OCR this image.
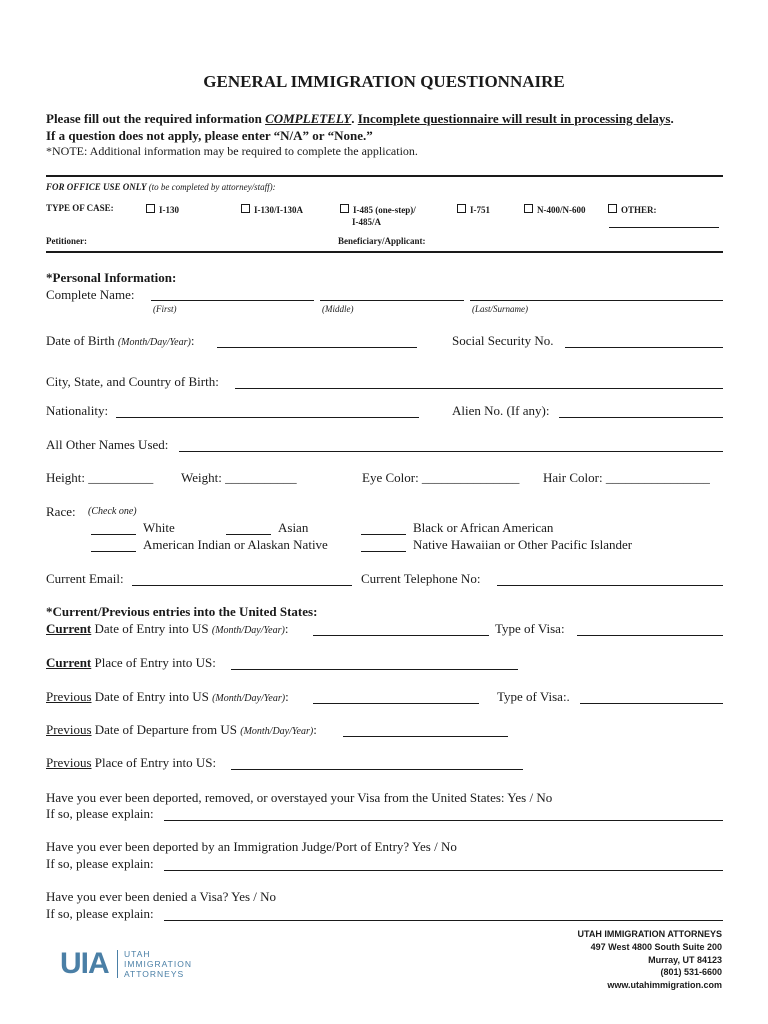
GENERAL IMMIGRATION QUESTIONNAIRE
Please fill out the required information COMPLETELY. Incomplete questionnaire will result in processing delays.
If a question does not apply, please enter “N/A” or “None.”
*NOTE: Additional information may be required to complete the application.
FOR OFFICE USE ONLY (to be completed by attorney/staff):
TYPE OF CASE:	I-130	I-130/I-130A	I-485 (one-step)/
I-485/A
I-751	N-400/N-600	OTHER:
Petitioner:	Beneficiary/Applicant:
*Personal Information:
Complete Name:
(First)	(Middle)	(Last/Surname)
Date of Birth (Month/Day/Year):	Social Security No.
City, State, and Country of Birth:
Nationality:	Alien No. (If any):
All Other Names Used:
Height: __________ Weight: ___________	Eye Color: _______________ Hair Color: ________________
Race: (Check one)
White	Asian	Black or African American
American Indian or Alaskan Native	Native Hawaiian or Other Pacific Islander
Current Email:	Current Telephone No:
*Current/Previous entries into the United States:
Current Date of Entry into US (Month/Day/Year):	Type of Visa:
Current Place of Entry into US:
Previous Date of Entry into US (Month/Day/Year):	Type of Visa:.
Previous Date of Departure from US (Month/Day/Year):
Previous Place of Entry into US:
Have you ever been deported, removed, or overstayed your Visa from the United States: Yes / No
If so, please explain:
Have you ever been deported by an Immigration Judge/Port of Entry? Yes / No
If so, please explain:
Have you ever been denied a Visa? Yes / No
If so, please explain:
UIA UTAH
IMMIGRATION
ATTORNEYS
UTAH IMMIGRATION ATTORNEYS
497 West 4800 South Suite 200
Murray, UT 84123
(801) 531-6600
www.utahimmigration.com
